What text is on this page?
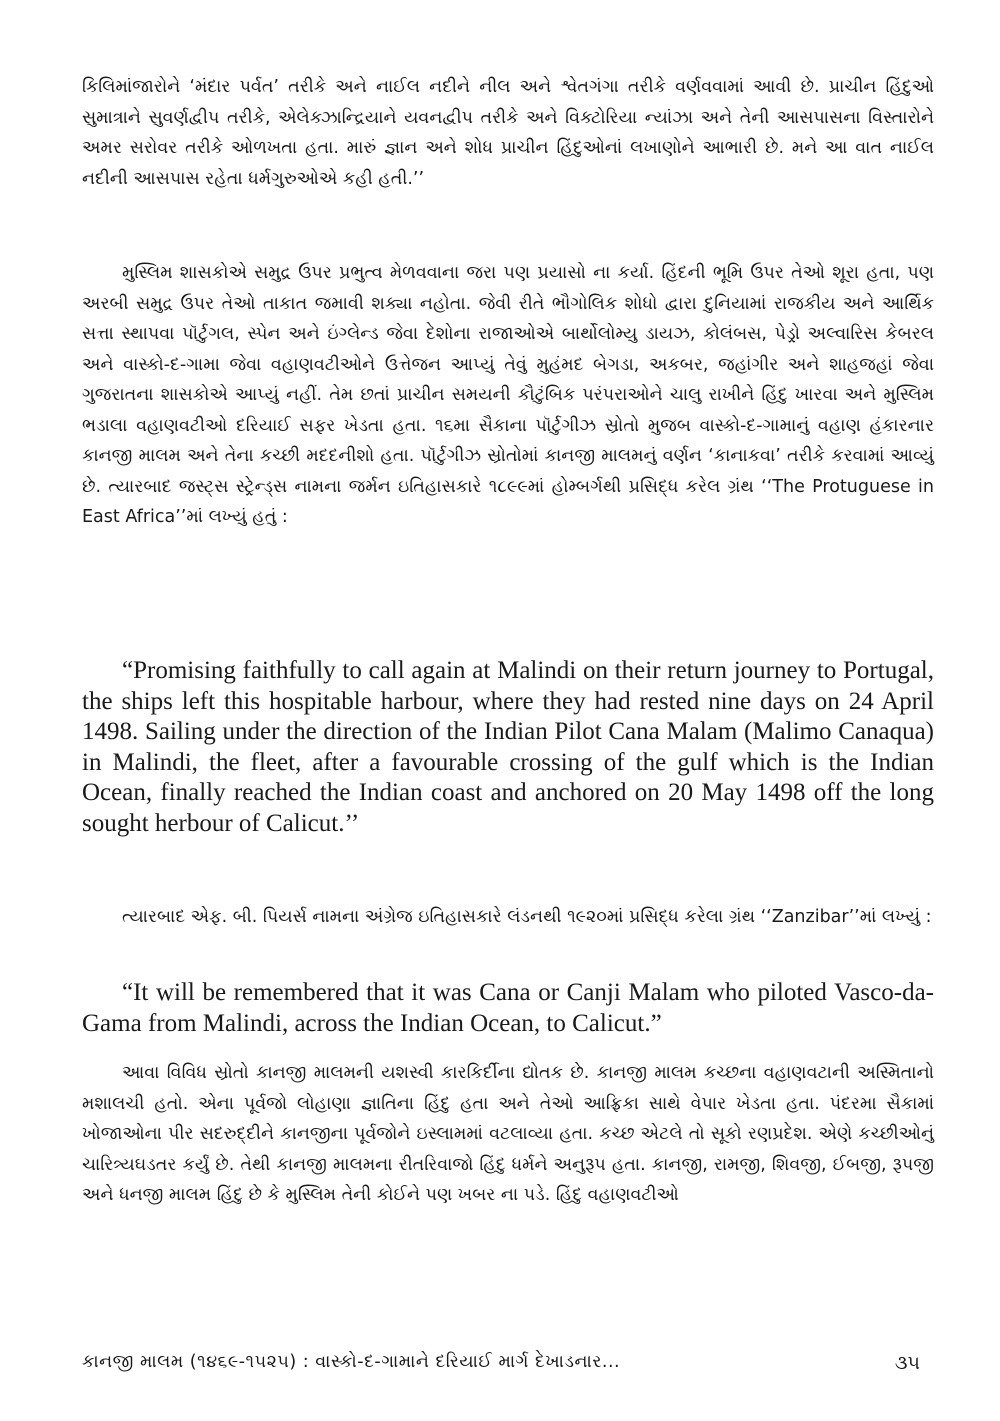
કિલિમાંજારોને ‘મંદાર પર્વત’ તરીકે અને નાઈલ નદીને નીલ અને શ્વેતગંગા તરીકે વર્ણવવામાં આવી છે. પ્રાચીન હિંદુઓ સુમાત્રાને સુવર્ણદ્વીપ તરીકે, એલેક્ઝાન્દ્રિયાને યવનદ્વીપ તરીકે અને વિક્ટોરિયા ન્યાંઝા અને તેની આસપાસના વિસ્તારોને અમર સરોવર તરીકે ઓળખતા હતા. મારું જ્ઞાન અને શોધ પ્રાચીન હિંદુઓનાં લખાણોને આભારી છે. મને આ વાત નાઈલ નદીની આસપાસ રહેતા ધર્મગુરુઓએ કહી હતી.’’

મુસ્લિમ શાસકોએ સમુદ્ર ઉપર પ્રભુત્વ મેળવવાના જરા પણ પ્રયાસો ના કર્યા. હિંદની ભૂમિ ઉપર તેઓ શૂરા હતા, પણ અરબી સમુદ્ર ઉપર તેઓ તાકાત જમાવી શક્યા નહોતા. જેવી રીતે ભૌગોલિક શોધો દ્વારા દુનિયામાં રાજકીય અને આર્થિક સત્તા સ્થાપવા પૉર્ટુગલ, સ્પેન અને ઇંગ્લેન્ડ જેવા દેશોના રાજાઓએ બાર્થોલોમ્યુ ડાયઝ, કોલંબસ, પેડ્રો અલ્વારિસ કેબરલ અને વાસ્કો-દ-ગામા જેવા વહાણવટીઓને ઉત્તેજન આપ્યું તેવું મુહંમદ બેગડા, અકબર, જહાંગીર અને શાહજહાં જેવા ગુજરાતના શાસકોએ આપ્યું નહીં. તેમ છતાં પ્રાચીન સમયની કૌટુંબિક પરંપરાઓને ચાલુ રાખીને હિંદુ ખારવા અને મુસ્લિમ ભડાલા વહાણવટીઓ દરિયાઈ સફર ખેડતા હતા. ૧૬મા સૈકાના પૉર્ટુગીઝ સ્રોતો મુજબ વાસ્કો-દ-ગામાનું વહાણ હંકારનાર કાનજી માલમ અને તેના કચ્છી મદદનીશો હતા. પૉર્ટુગીઝ સ્રોતોમાં કાનજી માલમનું વર્ણન ‘કાનાકવા’ તરીકે કરવામાં આવ્યું છે. ત્યારબાદ જસ્ટ્સ સ્ટ્રેન્ડ્સ નામના જર્મન ઇતિહાસકારે ૧૮૯૯માં હોમ્બર્ગથી પ્રસિદ્ધ કરેલ ગ્રંથ ‘‘The Protuguese in East Africa’’માં લખ્યું હતું :

“Promising faithfully to call again at Malindi on their return journey to Portugal, the ships left this hospitable harbour, where they had rested nine days on 24 April 1498. Sailing under the direction of the Indian Pilot Cana Malam (Malimo Canaqua) in Malindi, the fleet, after a favourable crossing of the gulf which is the Indian Ocean, finally reached the Indian coast and anchored on 20 May 1498 off the long sought herbour of Calicut.’’

ત્યારબાદ એફ. બી. પિયર્સ નામના અંગ્રેજ ઇતિહાસકારે લંડનથી ૧૯૨૦માં પ્રસિદ્ધ કરેલા ગ્રંથ ‘‘Zanzibar’’માં લખ્યું :

“It will be remembered that it was Cana or Canji Malam who piloted Vasco-da-Gama from Malindi, across the Indian Ocean, to Calicut.”

આવા વિવિધ સ્રોતો કાનજી માલમની યશસ્વી કારકિર્દીના દ્યોતક છે. કાનજી માલમ કચ્છના વહાણવટાની અસ્મિતાનો મશાલચી હતો. એના પૂર્વજો લોહાણા જ્ઞાતિના હિંદુ હતા અને તેઓ આફ્રિકા સાથે વેપાર ખેડતા હતા. પંદરમા સૈકામાં ખોજાઓના પીર સદરુદ્દીને કાનજીના પૂર્વજોને ઇસ્લામમાં વટલાવ્યા હતા. કચ્છ એટલે તો સૂકો રણપ્રદેશ. એણે કચ્છીઓનું ચારિત્ર્યઘડતર કર્યું છે. તેથી કાનજી માલમના રીતરિવાજો હિંદુ ધર્મને અનુરૂપ હતા. કાનજી, રામજી, શિવજી, ઈબજી, રૂપજી અને ધનજી માલમ હિંદુ છે કે મુસ્લિમ તેની કોઈને પણ ખબર ના પડે. હિંદુ વહાણવટીઓ

કાનજી માલમ (૧૪૬૯-૧૫૨૫) : વાસ્કો-દ-ગામાને દરિયાઈ માર્ગ દેખાડનાર...	૩૫
